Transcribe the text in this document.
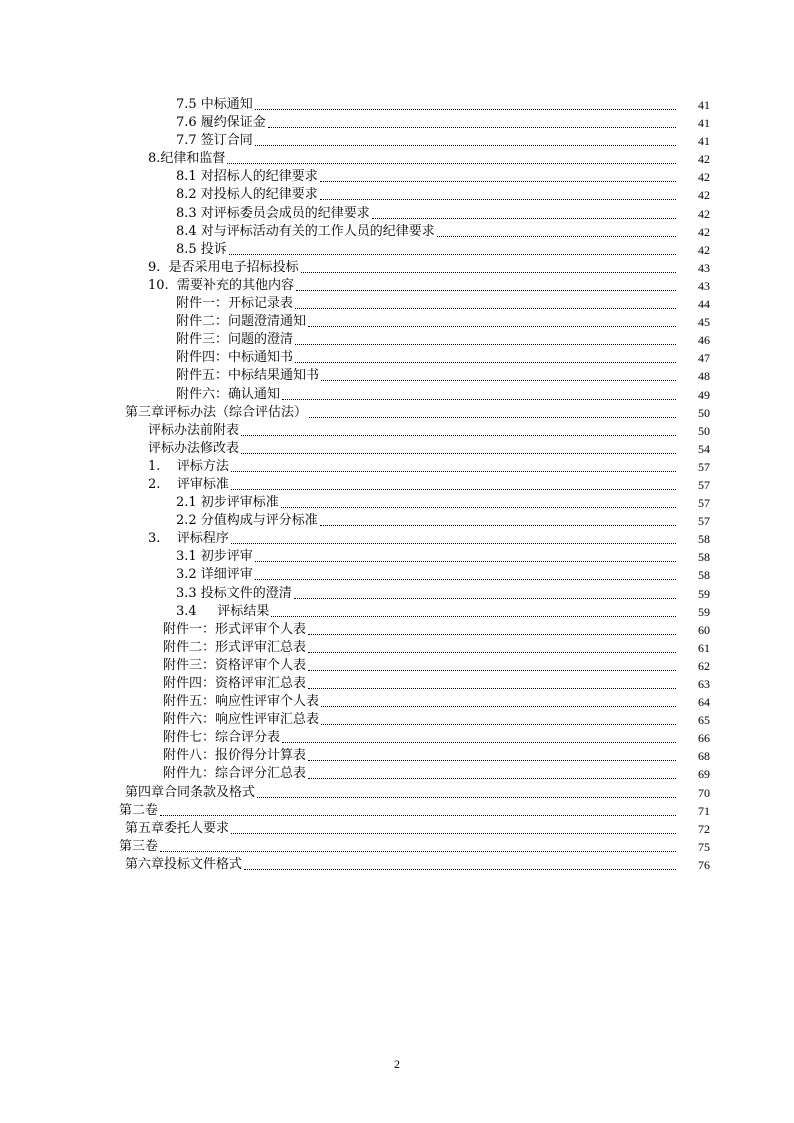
7.5 中标通知	41
7.6 履约保证金	41
7.7 签订合同	41
8.纪律和监督	42
8.1 对招标人的纪律要求	42
8.2 对投标人的纪律要求	42
8.3 对评标委员会成员的纪律要求	42
8.4 对与评标活动有关的工作人员的纪律要求	42
8.5 投诉	42
9.  是否采用电子招标投标	43
10.  需要补充的其他内容	43
附件一：开标记录表	44
附件二：问题澄清通知	45
附件三：问题的澄清	46
附件四：中标通知书	47
附件五：中标结果通知书	48
附件六：确认通知	49
第三章评标办法（综合评估法）	50
评标办法前附表	50
评标办法修改表	54
1.    评标方法	57
2.    评审标准	57
2.1 初步评审标准	57
2.2 分值构成与评分标准	57
3.    评标程序	58
3.1 初步评审	58
3.2 详细评审	58
3.3 投标文件的澄清	59
3.4     评标结果	59
附件一：形式评审个人表	60
附件二：形式评审汇总表	61
附件三：资格评审个人表	62
附件四：资格评审汇总表	63
附件五：响应性评审个人表	64
附件六：响应性评审汇总表	65
附件七：综合评分表	66
附件八：报价得分计算表	68
附件九：综合评分汇总表	69
第四章合同条款及格式	70
第二卷	71
第五章委托人要求	72
第三卷	75
第六章投标文件格式	76
2
